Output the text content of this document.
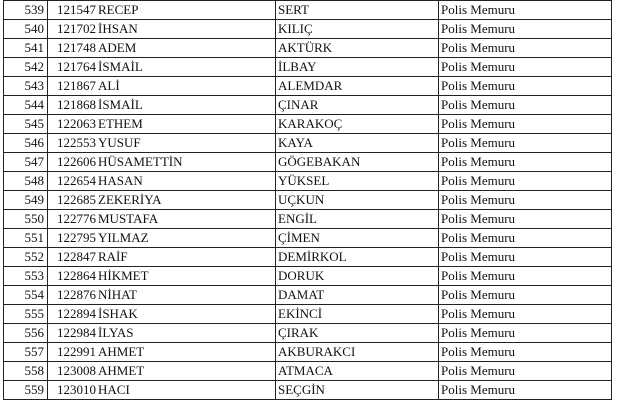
539	121547	RECEP	SERT	Polis Memuru
540	121702	İHSAN	KILIÇ	Polis Memuru
541	121748	ADEM	AKTÜRK	Polis Memuru
542	121764	İSMAİL	İLBAY	Polis Memuru
543	121867	ALİ	ALEMDAR	Polis Memuru
544	121868	İSMAİL	ÇINAR	Polis Memuru
545	122063	ETHEM	KARAKOÇ	Polis Memuru
546	122553	YUSUF	KAYA	Polis Memuru
547	122606	HÜSAMETTİN	GÖGEBAKAN	Polis Memuru
548	122654	HASAN	YÜKSEL	Polis Memuru
549	122685	ZEKERİYA	UÇKUN	Polis Memuru
550	122776	MUSTAFA	ENGİL	Polis Memuru
551	122795	YILMAZ	ÇİMEN	Polis Memuru
552	122847	RAİF	DEMİRKOL	Polis Memuru
553	122864	HİKMET	DORUK	Polis Memuru
554	122876	NİHAT	DAMAT	Polis Memuru
555	122894	İSHAK	EKİNCİ	Polis Memuru
556	122984	İLYAS	ÇIRAK	Polis Memuru
557	122991	AHMET	AKBURAKCI	Polis Memuru
558	123008	AHMET	ATMACA	Polis Memuru
559	123010	HACI	SEÇGİN	Polis Memuru
